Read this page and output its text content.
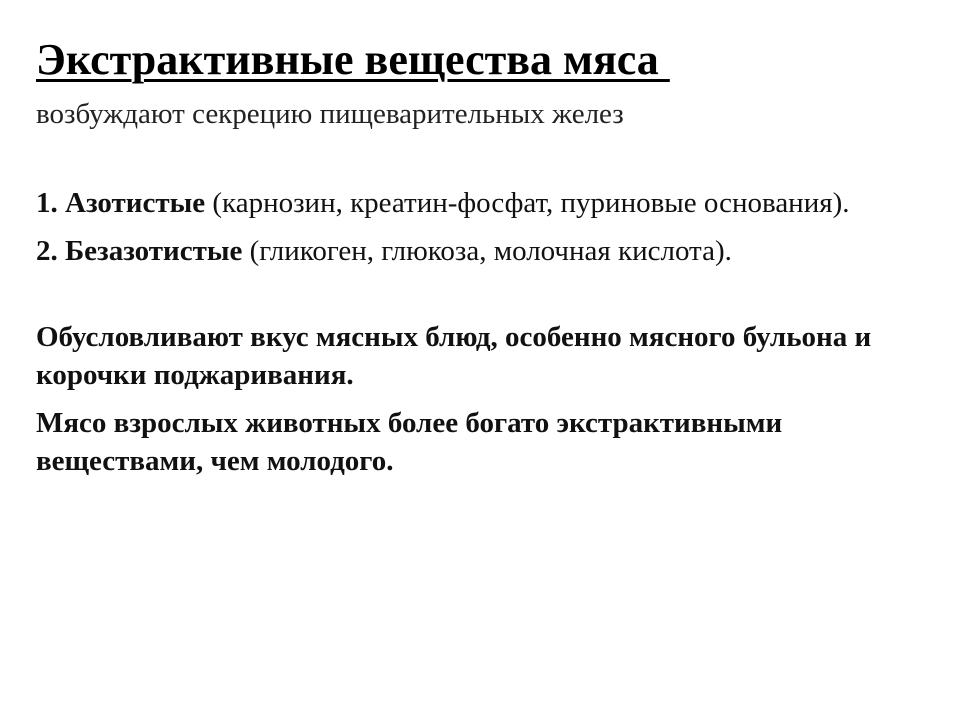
Экстрактивные вещества мяса

возбуждают секрецию пищеварительных желез

1. Азотистые (карнозин, креатин-фосфат, пуриновые основания).
2. Безазотистые (гликоген, глюкоза, молочная кислота).

Обусловливают вкус мясных блюд, особенно мясного бульона и корочки поджаривания.

Мясо взрослых животных более богато экстрактивными веществами, чем молодого.
